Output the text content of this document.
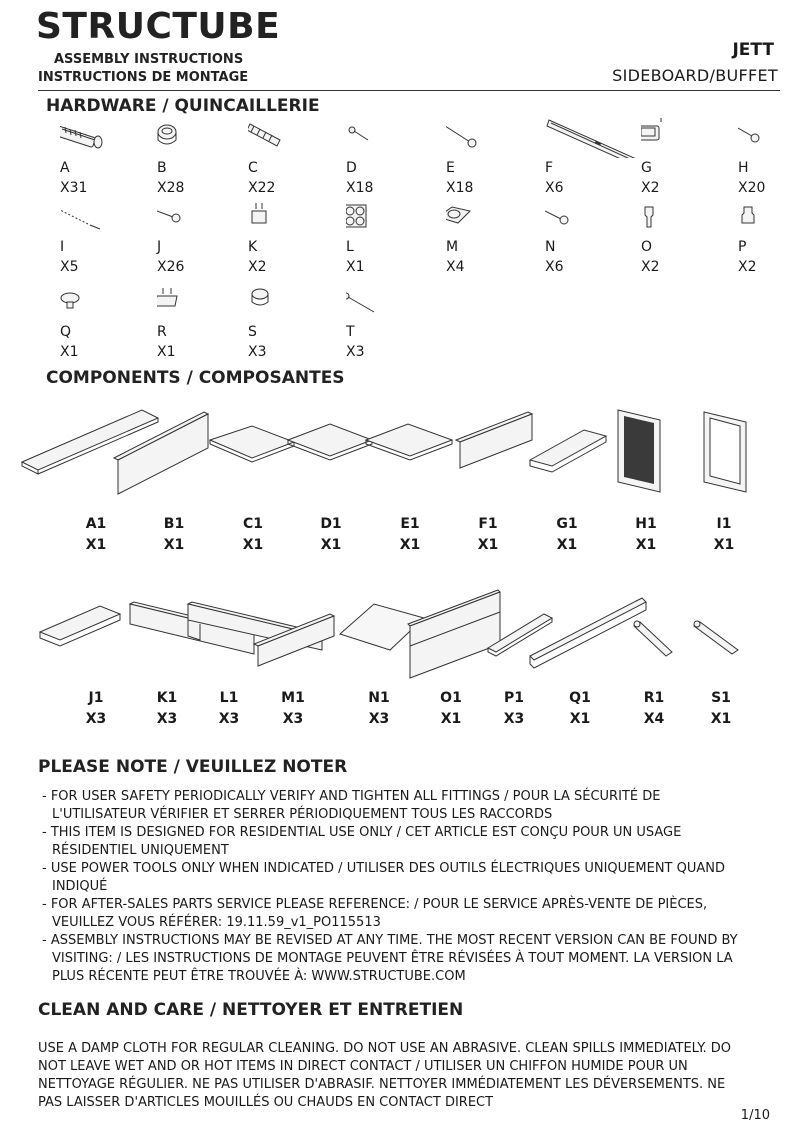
STRUCTUBE
ASSEMBLY INSTRUCTIONS
INSTRUCTIONS DE MONTAGE
JETT
SIDEBOARD/BUFFET
HARDWARE / QUINCAILLERIE
A
X31
B
X28
C
X22
D
X18
E
X18
F
X6
G
X2
H
X20
I
X5
J
X26
K
X2
L
X1
M
X4
N
X6
O
X2
P
X2
Q
X1
R
X1
S
X3
T
X3
COMPONENTS / COMPOSANTES
A1
X1
B1
X1
C1
X1
D1
X1
E1
X1
F1
X1
G1
X1
H1
X1
I1
X1
J1
X3
K1
X3
L1
X3
M1
X3
N1
X3
O1
X1
P1
X3
Q1
X1
R1
X4
S1
X1
PLEASE NOTE / VEUILLEZ NOTER

- FOR USER SAFETY PERIODICALLY VERIFY AND TIGHTEN ALL FITTINGS / POUR LA SÉCURITÉ DE L'UTILISATEUR VÉRIFIER ET SERRER PÉRIODIQUEMENT TOUS LES RACCORDS

- THIS ITEM IS DESIGNED FOR RESIDENTIAL USE ONLY / CET ARTICLE EST CONÇU POUR UN USAGE RÉSIDENTIEL UNIQUEMENT

- USE POWER TOOLS ONLY WHEN INDICATED / UTILISER DES OUTILS ÉLECTRIQUES UNIQUEMENT QUAND INDIQUÉ

- FOR AFTER-SALES PARTS SERVICE PLEASE REFERENCE: / POUR LE SERVICE APRÈS-VENTE DE PIÈCES, VEUILLEZ VOUS RÉFÉRER: 19.11.59_v1_PO115513

- ASSEMBLY INSTRUCTIONS MAY BE REVISED AT ANY TIME. THE MOST RECENT VERSION CAN BE FOUND BY VISITING: / LES INSTRUCTIONS DE MONTAGE PEUVENT ÊTRE RÉVISÉES À TOUT MOMENT. LA VERSION LA PLUS RÉCENTE PEUT ÊTRE TROUVÉE À: WWW.STRUCTUBE.COM

CLEAN AND CARE / NETTOYER ET ENTRETIEN
USE A DAMP CLOTH FOR REGULAR CLEANING. DO NOT USE AN ABRASIVE. CLEAN SPILLS IMMEDIATELY. DO NOT LEAVE WET AND OR HOT ITEMS IN DIRECT CONTACT / UTILISER UN CHIFFON HUMIDE POUR UN NETTOYAGE RÉGULIER. NE PAS UTILISER D'ABRASIF. NETTOYER IMMÉDIATEMENT LES DÉVERSEMENTS. NE PAS LAISSER D'ARTICLES MOUILLÉS OU CHAUDS EN CONTACT DIRECT
1/10
